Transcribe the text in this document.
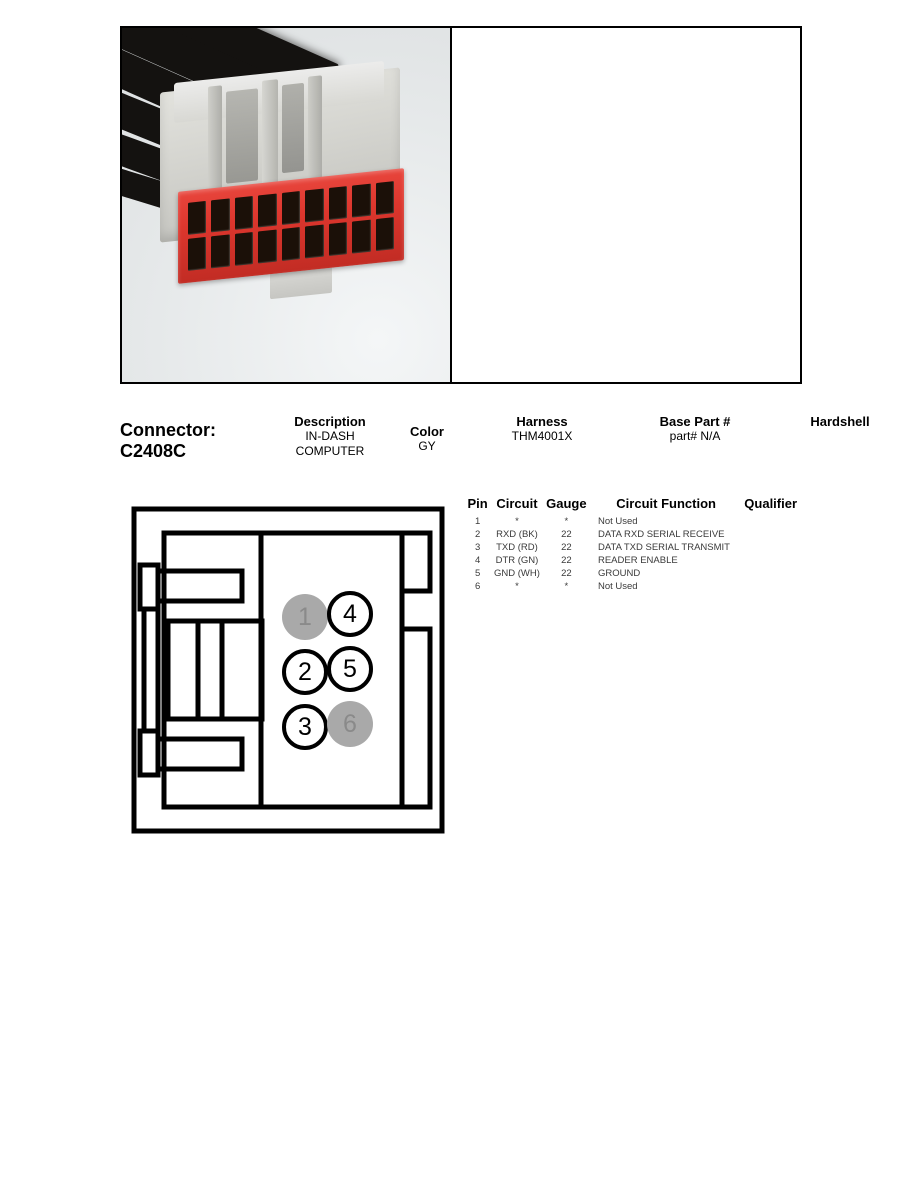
Connector:
C2408C
Description
IN-DASH COMPUTER
Color
GY
Harness
THM4001X
Base Part #
part# N/A
Hardshell
1
2
3
4
5
6
Pin	Circuit	Gauge	Circuit Function	Qualifier
1	*	*	Not Used	
2	RXD (BK)	22	DATA RXD SERIAL RECEIVE	
3	TXD (RD)	22	DATA TXD SERIAL TRANSMIT	
4	DTR (GN)	22	READER ENABLE	
5	GND (WH)	22	GROUND	
6	*	*	Not Used	
